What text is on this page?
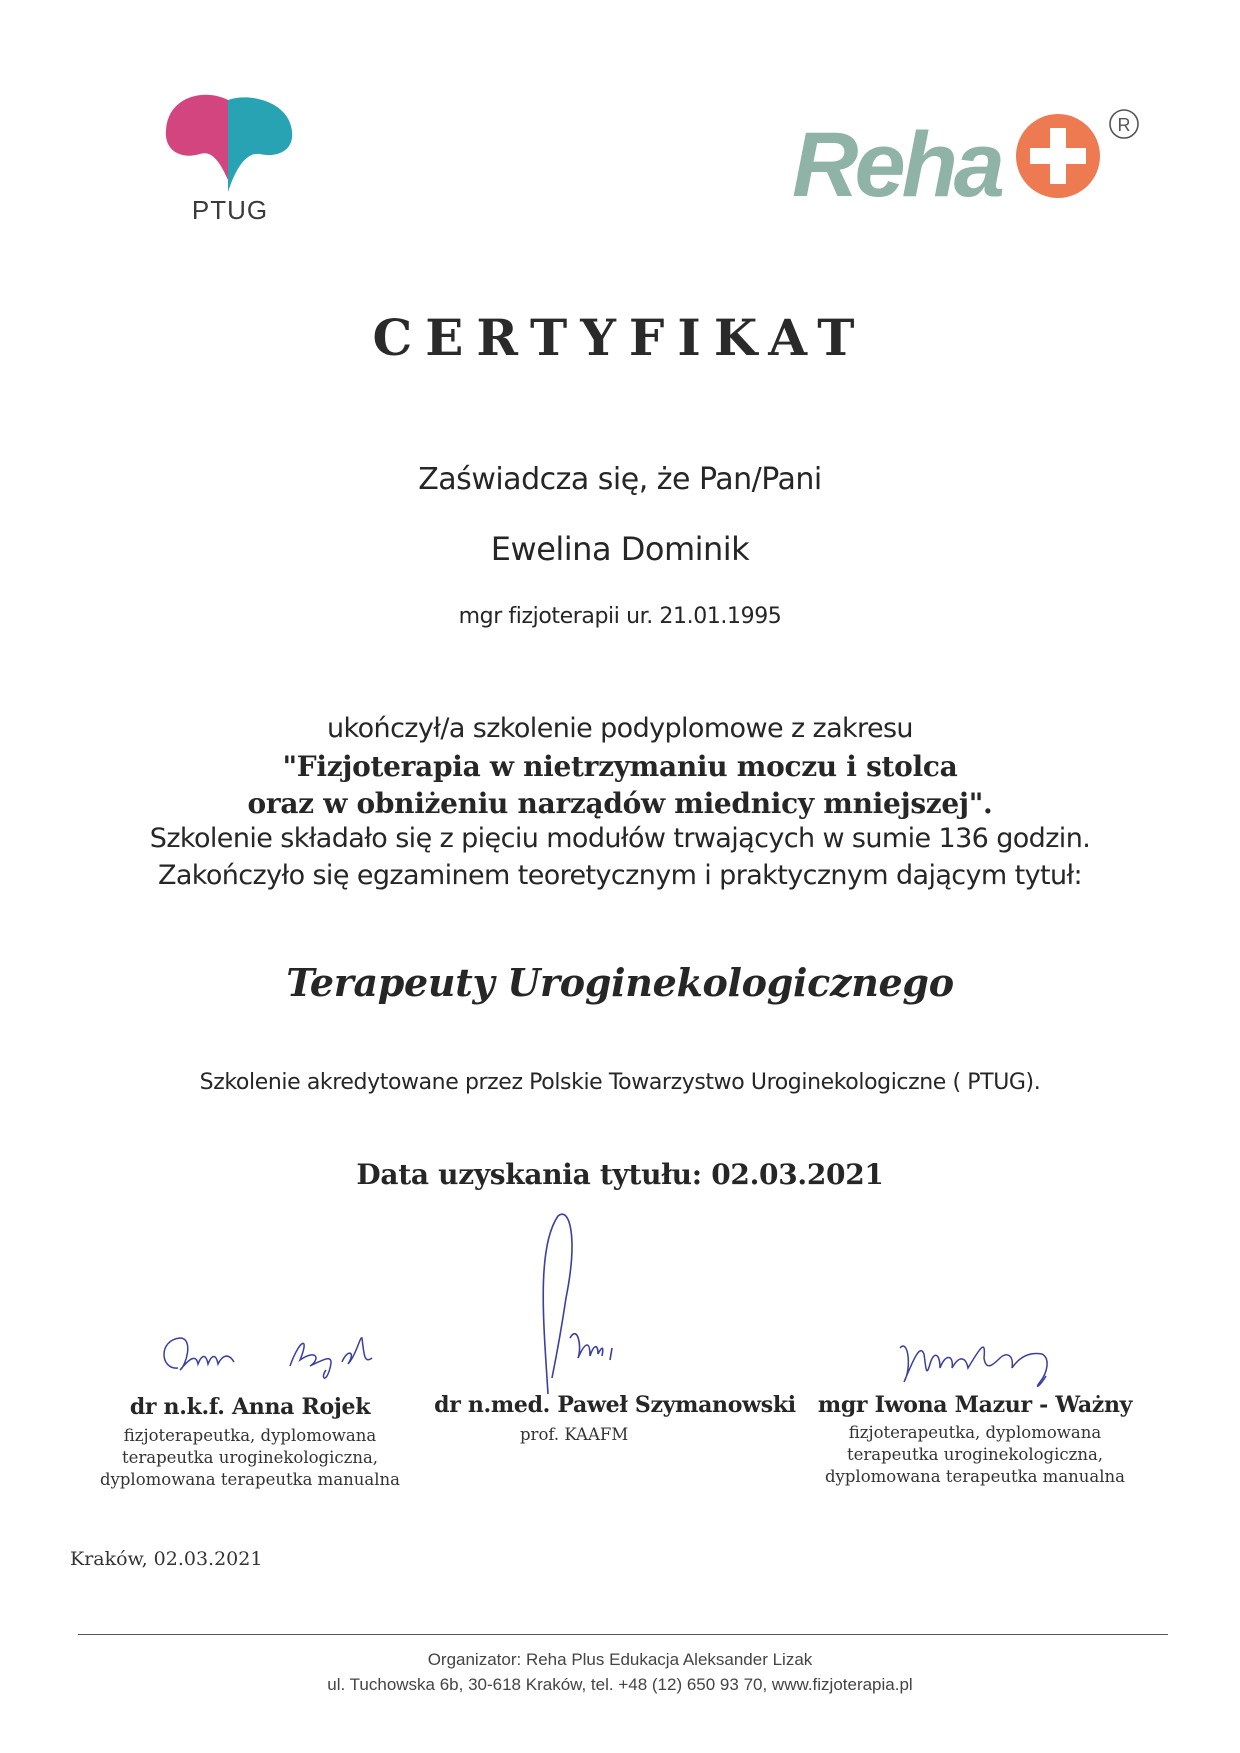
PTUG	Reha	R
CERTYFIKAT
Zaświadcza się, że Pan/Pani
Ewelina Dominik
mgr fizjoterapii ur. 21.01.1995
ukończył/a szkolenie podyplomowe z zakresu
"Fizjoterapia w nietrzymaniu moczu i stolca
oraz w obniżeniu narządów miednicy mniejszej".
Szkolenie składało się z pięciu modułów trwających w sumie 136 godzin.
Zakończyło się egzaminem teoretycznym i praktycznym dającym tytuł:
Terapeuty Uroginekologicznego
Szkolenie akredytowane przez Polskie Towarzystwo Uroginekologiczne ( PTUG).
Data uzyskania tytułu: 02.03.2021
dr n.k.f. Anna Rojek
fizjoterapeutka, dyplomowana
terapeutka uroginekologiczna,
dyplomowana terapeutka manualna
dr n.med. Paweł Szymanowski
prof. KAAFM
mgr Iwona Mazur - Ważny
fizjoterapeutka, dyplomowana
terapeutka uroginekologiczna,
dyplomowana terapeutka manualna
Kraków, 02.03.2021
Organizator: Reha Plus Edukacja Aleksander Lizak
ul. Tuchowska 6b, 30-618 Kraków, tel. +48 (12) 650 93 70, www.fizjoterapia.pl
